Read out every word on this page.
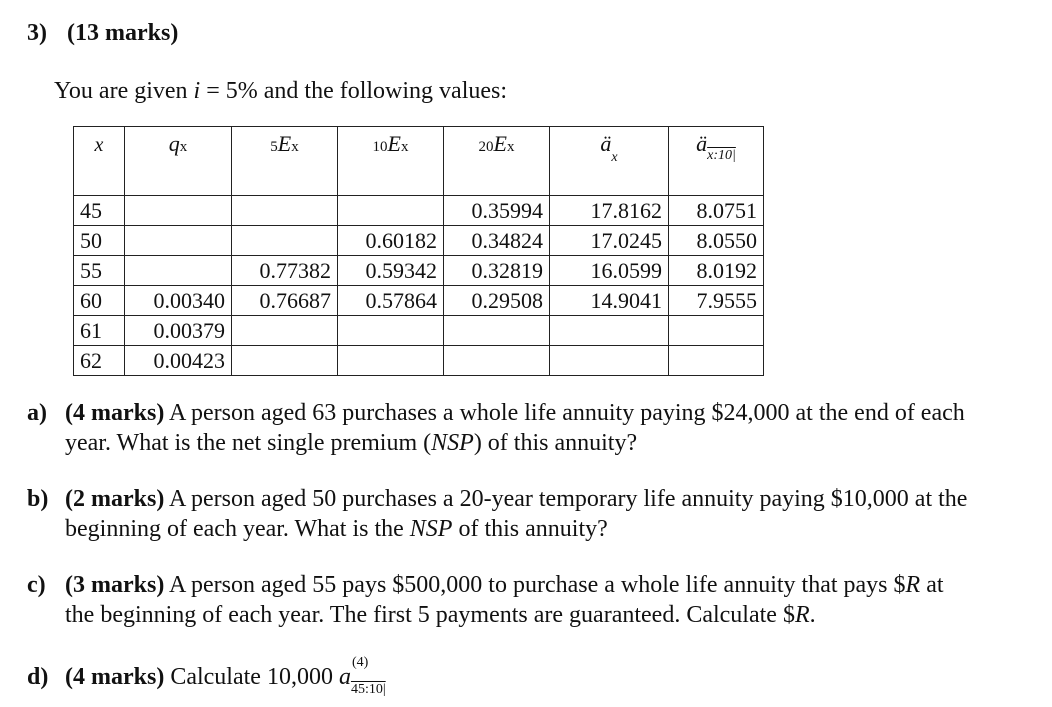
3) (13 marks)
You are given i = 5% and the following values:
x	qx	5Ex	10Ex	20Ex	$ä_x$	$ä_{x:10|}$
45				0.35994	17.8162	8.0751
50			0.60182	0.34824	17.0245	8.0550
55		0.77382	0.59342	0.32819	16.0599	8.0192
60	0.00340	0.76687	0.57864	0.29508	14.9041	7.9555
61	0.00379					
62	0.00423					
a) (4 marks) A person aged 63 purchases a whole life annuity paying $24,000 at the end of each
year. What is the net single premium (NSP) of this annuity?
b) (2 marks) A person aged 50 purchases a 20-year temporary life annuity paying $10,000 at the
beginning of each year. What is the NSP of this annuity?
c) (3 marks) A person aged 55 pays $500,000 to purchase a whole life annuity that pays $R at
the beginning of each year. The first 5 payments are guaranteed. Calculate $R.
d) (4 marks) Calculate 10,000 a
(4)
$_{45:10|}$
